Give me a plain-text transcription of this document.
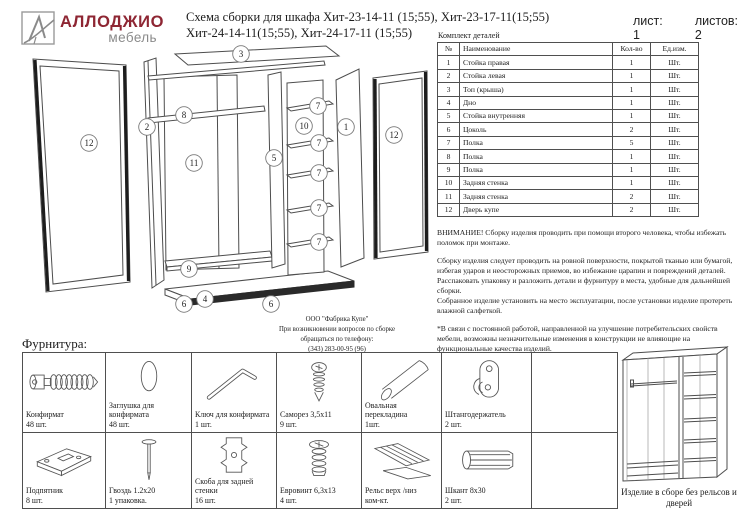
АЛЛОДЖИО
мебель
Схема сборки для шкафа Хит-23-14-11 (15;55), Хит-23-17-11(15;55)
Хит-24-14-11(15;55), Хит-24-17-11 (15;55)
лист: 1
листов: 2
Комплект деталей
№	Наименование	Кол-во	Ед.изм.
1	Стойка правая	1	Шт.
2	Стойка левая	1	Шт.
3	Топ (крыша)	1	Шт.
4	Дно	1	Шт.
5	Стойка внутренняя	1	Шт.
6	Цоколь	2	Шт.
7	Полка	5	Шт.
8	Полка	1	Шт.
9	Полка	1	Шт.
10	Задняя стенка	1	Шт.
11	Задняя стенка	2	Шт.
12	Дверь купе	2	Шт.

ВНИМАНИЕ! Сборку изделия проводить при помощи второго человека, чтобы избежать поломок при монтаже.

Сборку изделия следует проводить на ровной поверхности, покрытой тканью или бумагой, избегая ударов и неосторожных приемов, во избежание царапин и повреждений деталей.

Расспаковать упаковку и разложить детали и фурнитуру в места, удобные для дальнейшей сборки.

Собранное изделие установить на место эксплуатации, после установки изделие протереть влажной салфеткой.

*В связи с постоянной работой, направленной на улучшение потребительских свойств мебели, возможны незначительные изменения в конструкции не влияющие на функциональные качества изделий.

12
2
8
11
9
6 4	6
3
5
10
7
7
7
7
7
1
12
ООО "Фабрика Купе"
При возникновении вопросов по сборке
обращаться по телефону:
(343) 283-00-95 (96)
Фурнитура:
Конфирмат
48 шт.
Заглушка для конфирмата
48 шт.
Ключ для конфирмата
1 шт.
Саморез 3,5х11
9 шт.
Овальная перекладина
1шт.
Штангодержатель
2 шт.
Подпятник
8 шт.
Гвоздь 1.2х20
1 упаковка.
Скоба для задней стенки
16 шт.
Евровинт 6,3х13
4 шт.
Рельс верх /низ
ком-кт.
Шкант 8х30
2 шт.
Изделие в сборе без рельсов и дверей
